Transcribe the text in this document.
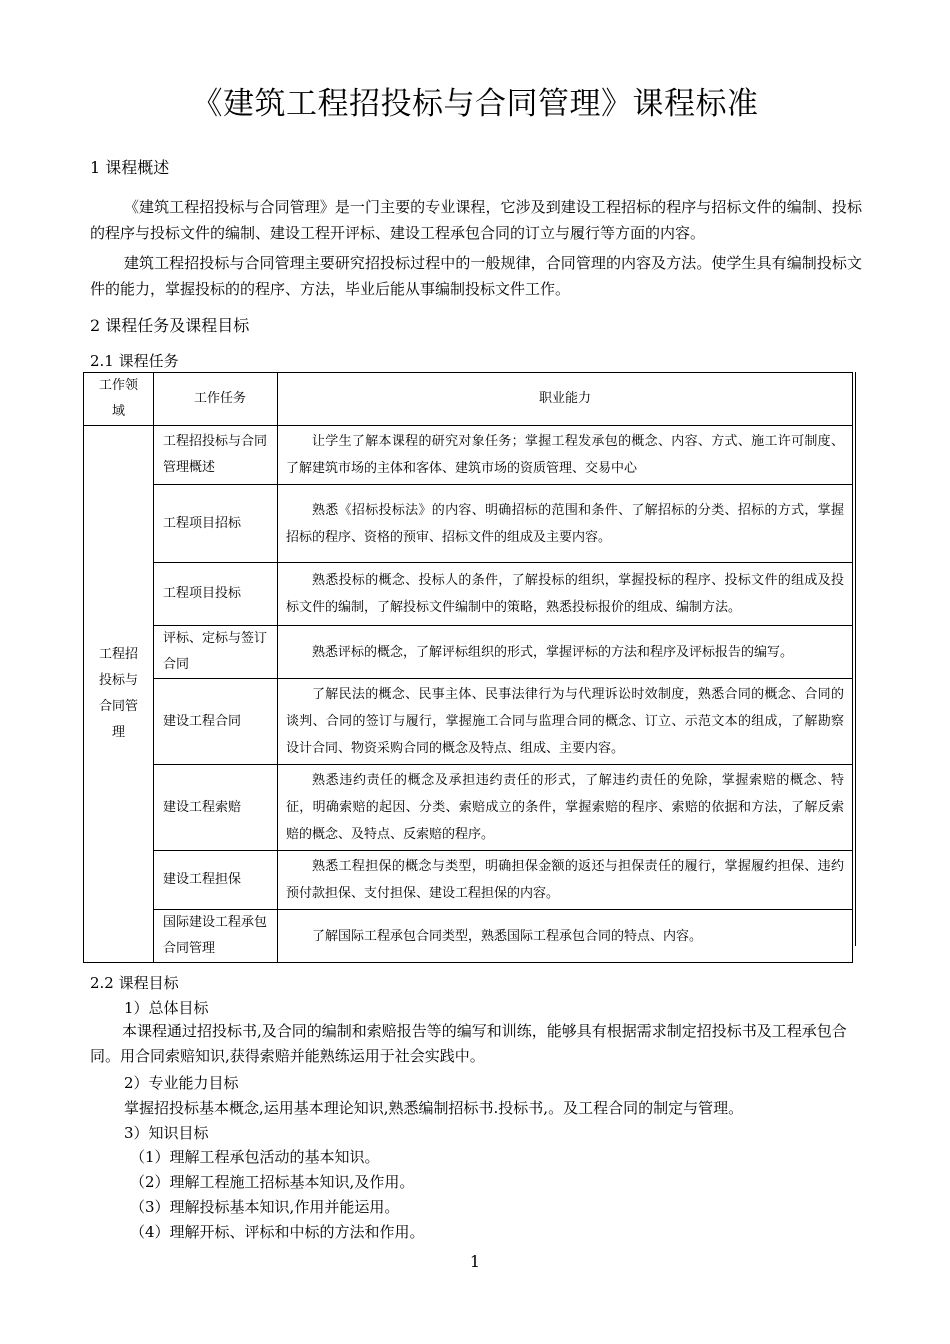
《建筑工程招投标与合同管理》课程标准
1 课程概述
《建筑工程招投标与合同管理》是一门主要的专业课程，它涉及到建设工程招标的程序与招标文件的编制、投标的程序与投标文件的编制、建设工程开评标、建设工程承包合同的订立与履行等方面的内容。
建筑工程招投标与合同管理主要研究招投标过程中的一般规律，合同管理的内容及方法。使学生具有编制投标文件的能力，掌握投标的的程序、方法，毕业后能从事编制投标文件工作。
2 课程任务及课程目标
2.1 课程任务
工作领域	工作任务	职业能力
工程招投标与合同管理	工程招投标与合同管理概述	让学生了解本课程的研究对象任务；掌握工程发承包的概念、内容、方式、施工许可制度、了解建筑市场的主体和客体、建筑市场的资质管理、交易中心
	工程项目招标	熟悉《招标投标法》的内容、明确招标的范围和条件、了解招标的分类、招标的方式，掌握招标的程序、资格的预审、招标文件的组成及主要内容。
	工程项目投标	熟悉投标的概念、投标人的条件，了解投标的组织，掌握投标的程序、投标文件的组成及投标文件的编制，了解投标文件编制中的策略，熟悉投标报价的组成、编制方法。
	评标、定标与签订合同	熟悉评标的概念，了解评标组织的形式，掌握评标的方法和程序及评标报告的编写。
	建设工程合同	了解民法的概念、民事主体、民事法律行为与代理诉讼时效制度，熟悉合同的概念、合同的谈判、合同的签订与履行，掌握施工合同与监理合同的概念、订立、示范文本的组成，了解勘察设计合同、物资采购合同的概念及特点、组成、主要内容。
	建设工程索赔	熟悉违约责任的概念及承担违约责任的形式，了解违约责任的免除，掌握索赔的概念、特征，明确索赔的起因、分类、索赔成立的条件，掌握索赔的程序、索赔的依据和方法，了解反索赔的概念、及特点、反索赔的程序。
	建设工程担保	熟悉工程担保的概念与类型，明确担保金额的返还与担保责任的履行，掌握履约担保、违约预付款担保、支付担保、建设工程担保的内容。
	国际建设工程承包合同管理	了解国际工程承包合同类型，熟悉国际工程承包合同的特点、内容。
2.2 课程目标
1）总体目标
本课程通过招投标书,及合同的编制和索赔报告等的编写和训练，能够具有根据需求制定招投标书及工程承包合同。用合同索赔知识,获得索赔并能熟练运用于社会实践中。
2）专业能力目标
掌握招投标基本概念,运用基本理论知识,熟悉编制招标书.投标书,。及工程合同的制定与管理。
3）知识目标
（1）理解工程承包活动的基本知识。
（2）理解工程施工招标基本知识,及作用。
（3）理解投标基本知识,作用并能运用。
（4）理解开标、评标和中标的方法和作用。
1
